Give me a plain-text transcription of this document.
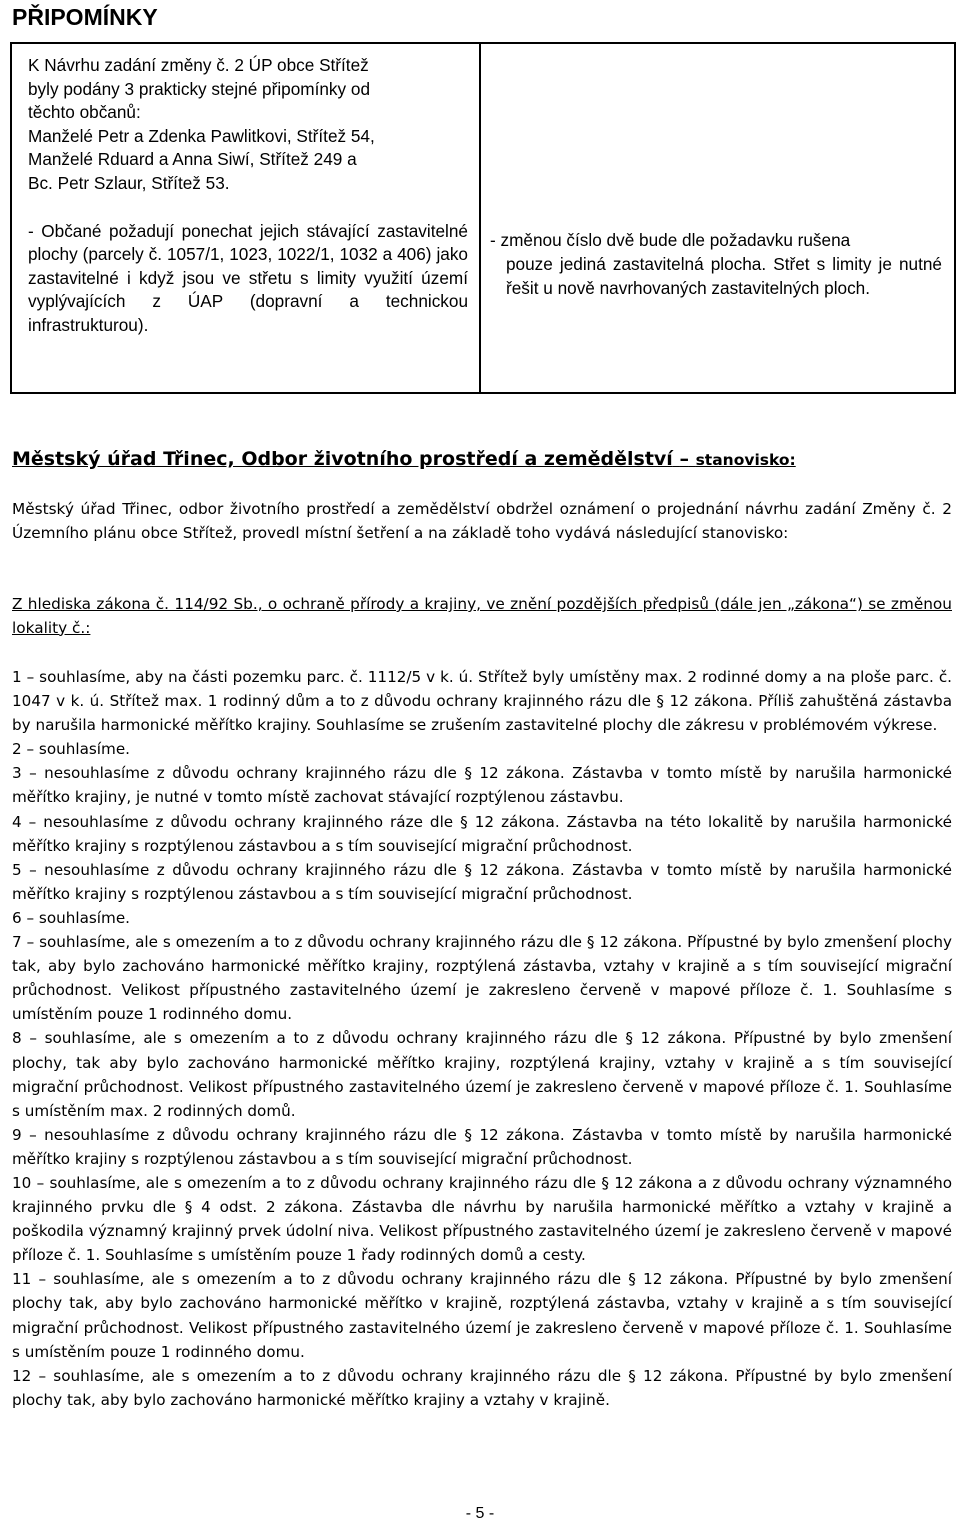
PŘIPOMÍNKY

K Návrhu zadání změny č. 2 ÚP obce Střítež

byly podány 3 prakticky stejné připomínky od

těchto občanů:

Manželé Petr a Zdenka Pawlitkovi, Střítež 54,

Manželé Rduard a Anna Siwí, Střítež 249 a

Bc. Petr Szlaur, Střítež 53.

- Občané požadují ponechat jejich stávající zastavitelné plochy (parcely č. 1057/1, 1023, 1022/1, 1032 a 406) jako zastavitelné i když jsou ve střetu s limity využití území vyplývajících z ÚAP (dopravní a technickou infrastrukturou).

- změnou číslo dvě bude dle požadavku rušena
pouze jediná zastavitelná plocha. Střet s limity je nutné řešit u nově navrhovaných zastavitelných ploch.
Městský úřad Třinec, Odbor životního prostředí a zemědělství – stanovisko:

Městský úřad Třinec, odbor životního prostředí a zemědělství obdržel oznámení o projednání návrhu zadání Změny č. 2 Územního plánu obce Střítež, provedl místní šetření a na základě toho vydává následující stanovisko:

Z hlediska zákona č. 114/92 Sb., o ochraně přírody a krajiny, ve znění pozdějších předpisů (dále jen „zákona“) se změnou lokality č.:

1 – souhlasíme, aby na části pozemku parc. č. 1112/5 v k. ú. Střítež byly umístěny max. 2 rodinné domy a na ploše parc. č. 1047 v k. ú. Střítež max. 1 rodinný dům a to z důvodu ochrany krajinného rázu dle § 12 zákona. Příliš zahuštěná zástavba by narušila harmonické měřítko krajiny. Souhlasíme se zrušením zastavitelné plochy dle zákresu v problémovém výkrese.

2 – souhlasíme.

3 – nesouhlasíme z důvodu ochrany krajinného rázu dle § 12 zákona. Zástavba v tomto místě by narušila harmonické měřítko krajiny, je nutné v tomto místě zachovat stávající rozptýlenou zástavbu.

4 – nesouhlasíme z důvodu ochrany krajinného ráze dle § 12 zákona. Zástavba na této lokalitě by narušila harmonické měřítko krajiny s rozptýlenou zástavbou a s tím související migrační průchodnost.

5 – nesouhlasíme z důvodu ochrany krajinného rázu dle § 12 zákona. Zástavba v tomto místě by narušila harmonické měřítko krajiny s rozptýlenou zástavbou a s tím související migrační průchodnost.

6 – souhlasíme.

7 – souhlasíme, ale s omezením a to z důvodu ochrany krajinného rázu dle § 12 zákona. Přípustné by bylo zmenšení plochy tak, aby bylo zachováno harmonické měřítko krajiny, rozptýlená zástavba, vztahy v krajině a s tím související migrační průchodnost. Velikost přípustného zastavitelného území je zakresleno červeně v mapové příloze č. 1. Souhlasíme s umístěním pouze 1 rodinného domu.

8 – souhlasíme, ale s omezením a to z důvodu ochrany krajinného rázu dle § 12 zákona. Přípustné by bylo zmenšení plochy, tak aby bylo zachováno harmonické měřítko krajiny, rozptýlená krajiny, vztahy v krajině a s tím související migrační průchodnost. Velikost přípustného zastavitelného území je zakresleno červeně v mapové příloze č. 1. Souhlasíme s umístěním max. 2 rodinných domů.

9 – nesouhlasíme z důvodu ochrany krajinného rázu dle § 12 zákona. Zástavba v tomto místě by narušila harmonické měřítko krajiny s rozptýlenou zástavbou a s tím související migrační průchodnost.

10 – souhlasíme, ale s omezením a to z důvodu ochrany krajinného rázu dle § 12 zákona a z důvodu ochrany významného krajinného prvku dle § 4 odst. 2 zákona. Zástavba dle návrhu by narušila harmonické měřítko a vztahy v krajině a poškodila významný krajinný prvek údolní niva. Velikost přípustného zastavitelného území je zakresleno červeně v mapové příloze č. 1. Souhlasíme s umístěním pouze 1 řady rodinných domů a cesty.

11 – souhlasíme, ale s omezením a to z důvodu ochrany krajinného rázu dle § 12 zákona. Přípustné by bylo zmenšení plochy tak, aby bylo zachováno harmonické měřítko v krajině, rozptýlená zástavba, vztahy v krajině a s tím související migrační průchodnost. Velikost přípustného zastavitelného území je zakresleno červeně v mapové příloze č. 1. Souhlasíme s umístěním pouze 1 rodinného domu.

12 – souhlasíme, ale s omezením a to z důvodu ochrany krajinného rázu dle § 12 zákona. Přípustné by bylo zmenšení plochy tak, aby bylo zachováno harmonické měřítko krajiny a vztahy v krajině.

- 5 -
